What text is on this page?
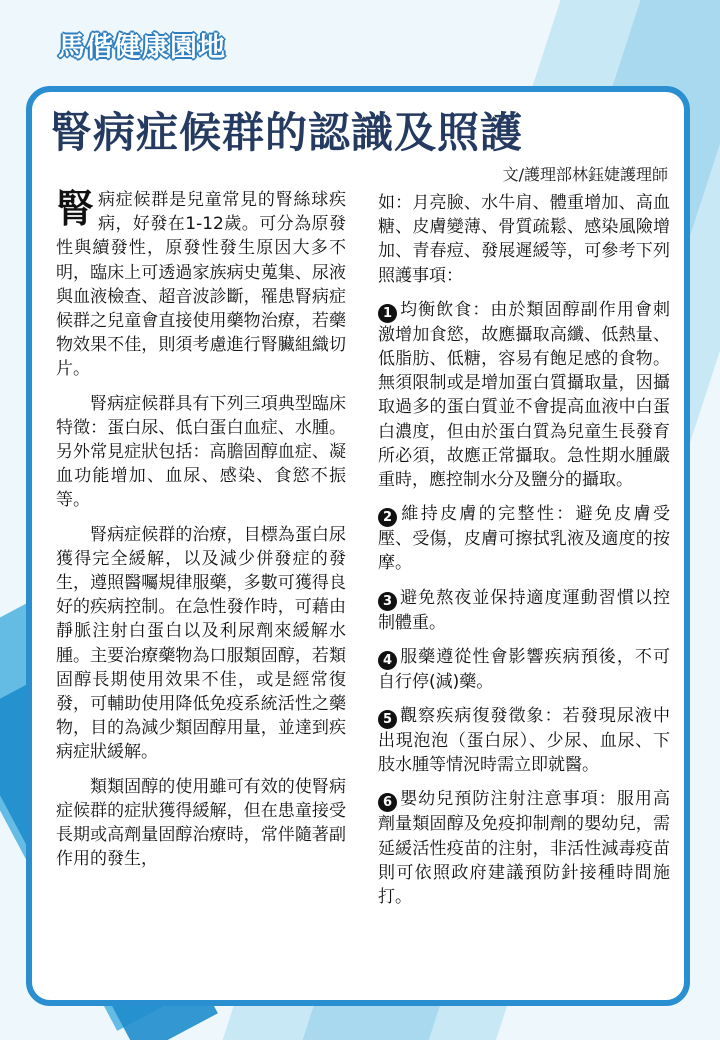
馬偕健康園地
腎病症候群的認識及照護
文/護理部林鈺婕護理師

腎病症候群是兒童常見的腎絲球疾病，好發在1-12歲。可分為原發性與續發性，原發性發生原因大多不明，臨床上可透過家族病史蒐集、尿液與血液檢查、超音波診斷，罹患腎病症候群之兒童會直接使用藥物治療，若藥物效果不佳，則須考慮進行腎臟組織切片。

腎病症候群具有下列三項典型臨床特徵：蛋白尿、低白蛋白血症、水腫。另外常見症狀包括：高膽固醇血症、凝血功能增加、血尿、感染、食慾不振等。

腎病症候群的治療，目標為蛋白尿獲得完全緩解，以及減少併發症的發生，遵照醫囑規律服藥，多數可獲得良好的疾病控制。在急性發作時，可藉由靜脈注射白蛋白以及利尿劑來緩解水腫。主要治療藥物為口服類固醇，若類固醇長期使用效果不佳，或是經常復發，可輔助使用降低免疫系統活性之藥物，目的為減少類固醇用量，並達到疾病症狀緩解。

類類固醇的使用雖可有效的使腎病症候群的症狀獲得緩解，但在患童接受長期或高劑量固醇治療時，常伴隨著副作用的發生，

如：月亮臉、水牛肩、體重增加、高血糖、皮膚變薄、骨質疏鬆、感染風險增加、青春痘、發展遲緩等，可參考下列照護事項：

1 均衡飲食：由於類固醇副作用會刺激增加食慾，故應攝取高纖、低熱量、低脂肪、低糖，容易有飽足感的食物。無須限制或是增加蛋白質攝取量，因攝取過多的蛋白質並不會提高血液中白蛋白濃度，但由於蛋白質為兒童生長發育所必須，故應正常攝取。急性期水腫嚴重時，應控制水分及鹽分的攝取。

2 維持皮膚的完整性：避免皮膚受壓、受傷，皮膚可擦拭乳液及適度的按摩。

3 避免熬夜並保持適度運動習慣以控制體重。

4 服藥遵從性會影響疾病預後，不可自行停(減)藥。

5 觀察疾病復發徵象：若發現尿液中出現泡泡（蛋白尿）、少尿、血尿、下肢水腫等情況時需立即就醫。

6 嬰幼兒預防注射注意事項：服用高劑量類固醇及免疫抑制劑的嬰幼兒，需延緩活性疫苗的注射，非活性減毒疫苗則可依照政府建議預防針接種時間施打。
